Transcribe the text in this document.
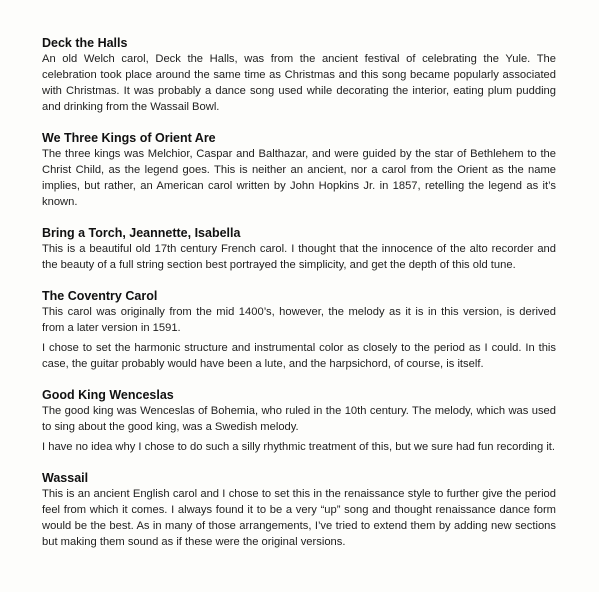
Deck the Halls

An old Welch carol, Deck the Halls, was from the ancient festival of celebrating the Yule. The celebration took place around the same time as Christmas and this song became popularly associated with Christmas. It was probably a dance song used while decorating the interior, eating plum pudding and drinking from the Wassail Bowl.

We Three Kings of Orient Are

The three kings was Melchior, Caspar and Balthazar, and were guided by the star of Bethlehem to the Christ Child, as the legend goes. This is neither an ancient, nor a carol from the Orient as the name implies, but rather, an American carol written by John Hopkins Jr. in 1857, retelling the legend as it’s known.

Bring a Torch, Jeannette, Isabella

This is a beautiful old 17th century French carol. I thought that the innocence of the alto recorder and the beauty of a full string section best portrayed the simplicity, and get the depth of this old tune.

The Coventry Carol

This carol was originally from the mid 1400’s, however, the melody as it is in this version, is derived from a later version in 1591.

I chose to set the harmonic structure and instrumental color as closely to the period as I could. In this case, the guitar probably would have been a lute, and the harpsichord, of course, is itself.

Good King Wenceslas

The good king was Wenceslas of Bohemia, who ruled in the 10th century. The melody, which was used to sing about the good king, was a Swedish melody.

I have no idea why I chose to do such a silly rhythmic treatment of this, but we sure had fun recording it.

Wassail

This is an ancient English carol and I chose to set this in the renaissance style to further give the period feel from which it comes. I always found it to be a very “up” song and thought renaissance dance form would be the best. As in many of those arrangements, I’ve tried to extend them by adding new sections but making them sound as if these were the original versions.
